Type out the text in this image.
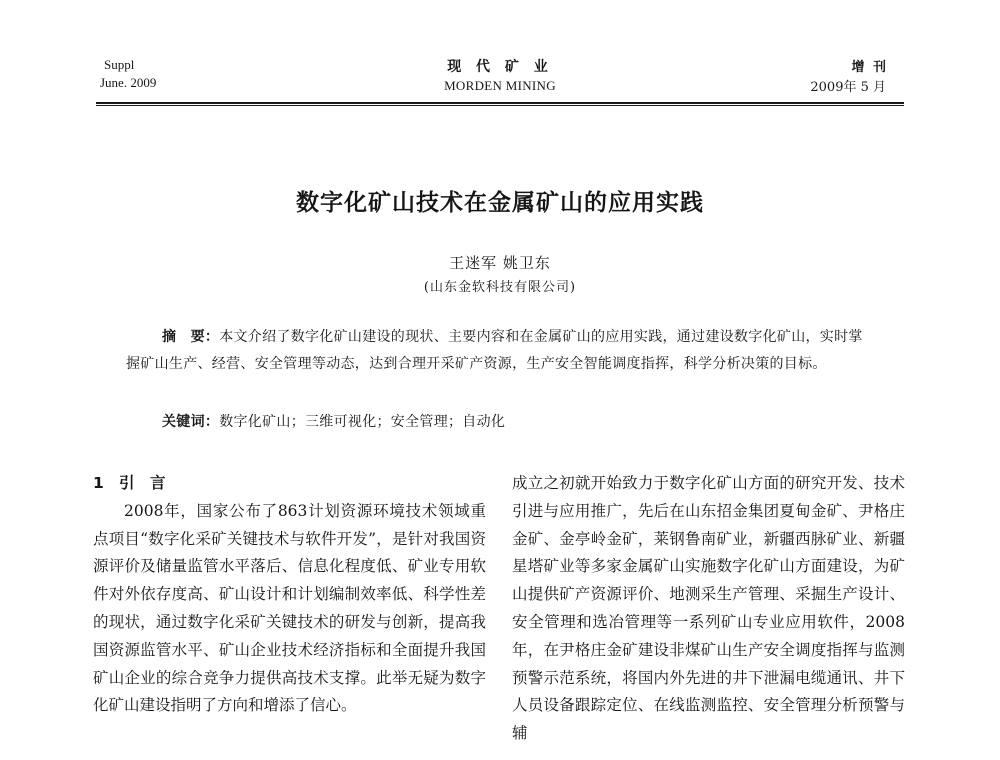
Suppl
June. 2009
现 代 矿 业
MORDEN MINING
增 刊
2009年 5 月
数字化矿山技术在金属矿山的应用实践
王迷军 姚卫东
(山东金软科技有限公司)

摘　要：本文介绍了数字化矿山建设的现状、主要内容和在金属矿山的应用实践，通过建设数字化矿山，实时掌握矿山生产、经营、安全管理等动态，达到合理开采矿产资源，生产安全智能调度指挥，科学分析决策的目标。

关键词：数字化矿山；三维可视化；安全管理；自动化
1 引　言

2008年，国家公布了863计划资源环境技术领域重点项目“数字化采矿关键技术与软件开发”，是针对我国资源评价及储量监管水平落后、信息化程度低、矿业专用软件对外依存度高、矿山设计和计划编制效率低、科学性差的现状，通过数字化采矿关键技术的研发与创新，提高我国资源监管水平、矿山企业技术经济指标和全面提升我国矿山企业的综合竞争力提供高技术支撑。此举无疑为数字化矿山建设指明了方向和增添了信心。

成立之初就开始致力于数字化矿山方面的研究开发、技术引进与应用推广，先后在山东招金集团夏甸金矿、尹格庄金矿、金亭岭金矿，莱钢鲁南矿业，新疆西脉矿业、新疆星塔矿业等多家金属矿山实施数字化矿山方面建设，为矿山提供矿产资源评价、地测采生产管理、采掘生产设计、安全管理和选冶管理等一系列矿山专业应用软件，2008年，在尹格庄金矿建设非煤矿山生产安全调度指挥与监测预警示范系统，将国内外先进的井下泄漏电缆通讯、井下人员设备跟踪定位、在线监测监控、安全管理分析预警与辅
